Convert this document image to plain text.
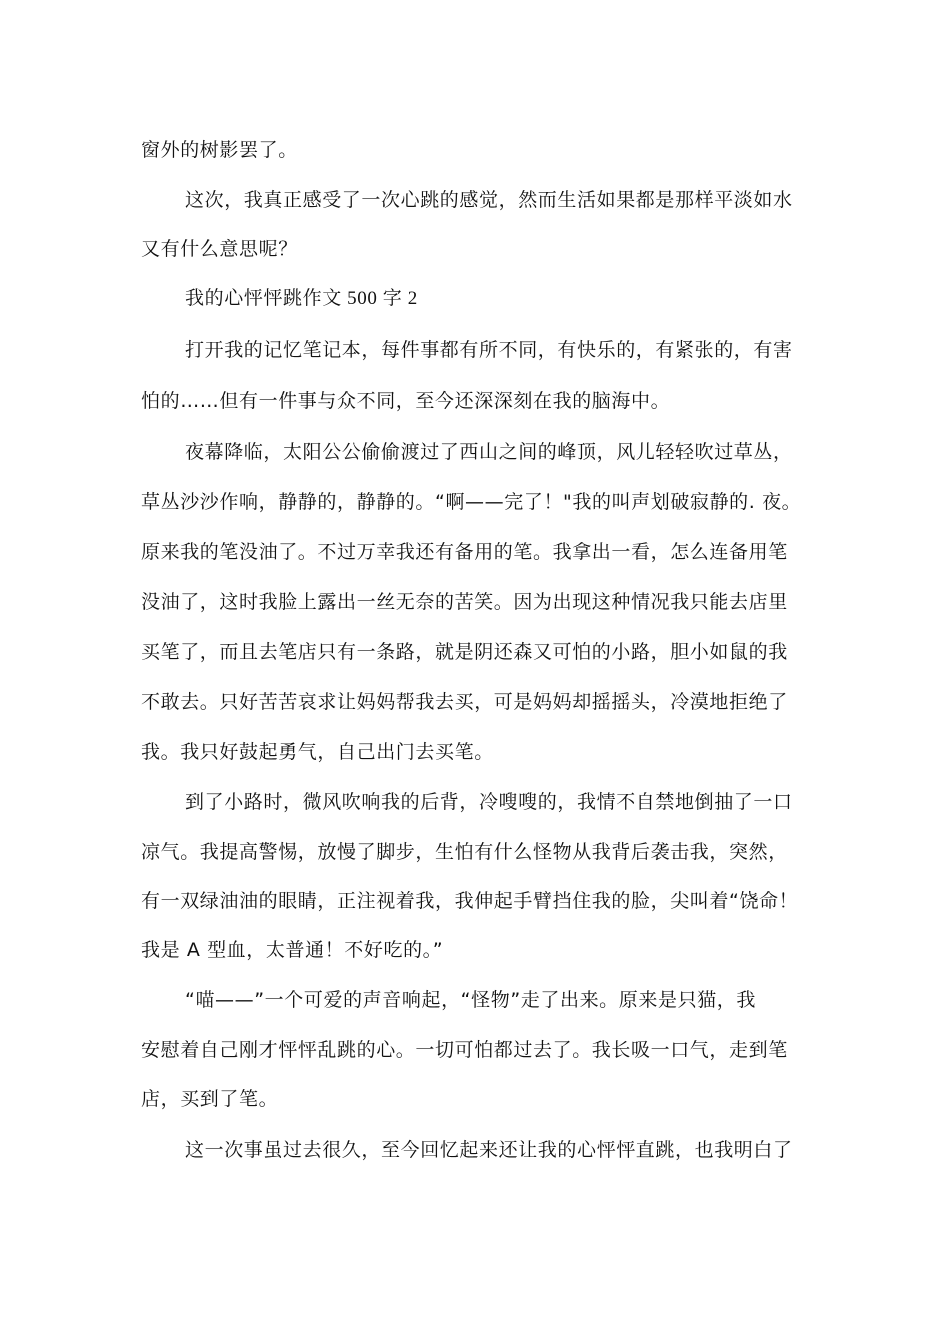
窗外的树影罢了。
这次，我真正感受了一次心跳的感觉，然而生活如果都是那样平淡如水
又有什么意思呢？
我的心怦怦跳作文 500 字 2
打开我的记忆笔记本，每件事都有所不同，有快乐的，有紧张的，有害
怕的……但有一件事与众不同，至今还深深刻在我的脑海中。
夜幕降临，太阳公公偷偷渡过了西山之间的峰顶，风儿轻轻吹过草丛，
草丛沙沙作响，静静的，静静的。“啊——完了！"我的叫声划破寂静的. 夜。
原来我的笔没油了。不过万幸我还有备用的笔。我拿出一看，怎么连备用笔
没油了，这时我脸上露出一丝无奈的苦笑。因为出现这种情况我只能去店里
买笔了，而且去笔店只有一条路，就是阴还森又可怕的小路，胆小如鼠的我
不敢去。只好苦苦哀求让妈妈帮我去买，可是妈妈却摇摇头，冷漠地拒绝了
我。我只好鼓起勇气，自己出门去买笔。
到了小路时，微风吹响我的后背，冷嗖嗖的，我情不自禁地倒抽了一口
凉气。我提高警惕，放慢了脚步，生怕有什么怪物从我背后袭击我，突然，
有一双绿油油的眼睛，正注视着我，我伸起手臂挡住我的脸，尖叫着“饶命！
我是 A 型血，太普通！不好吃的。”
“喵——”一个可爱的声音响起，“怪物”走了出来。原来是只猫，我
安慰着自己刚才怦怦乱跳的心。一切可怕都过去了。我长吸一口气，走到笔
店，买到了笔。
这一次事虽过去很久，至今回忆起来还让我的心怦怦直跳，也我明白了
